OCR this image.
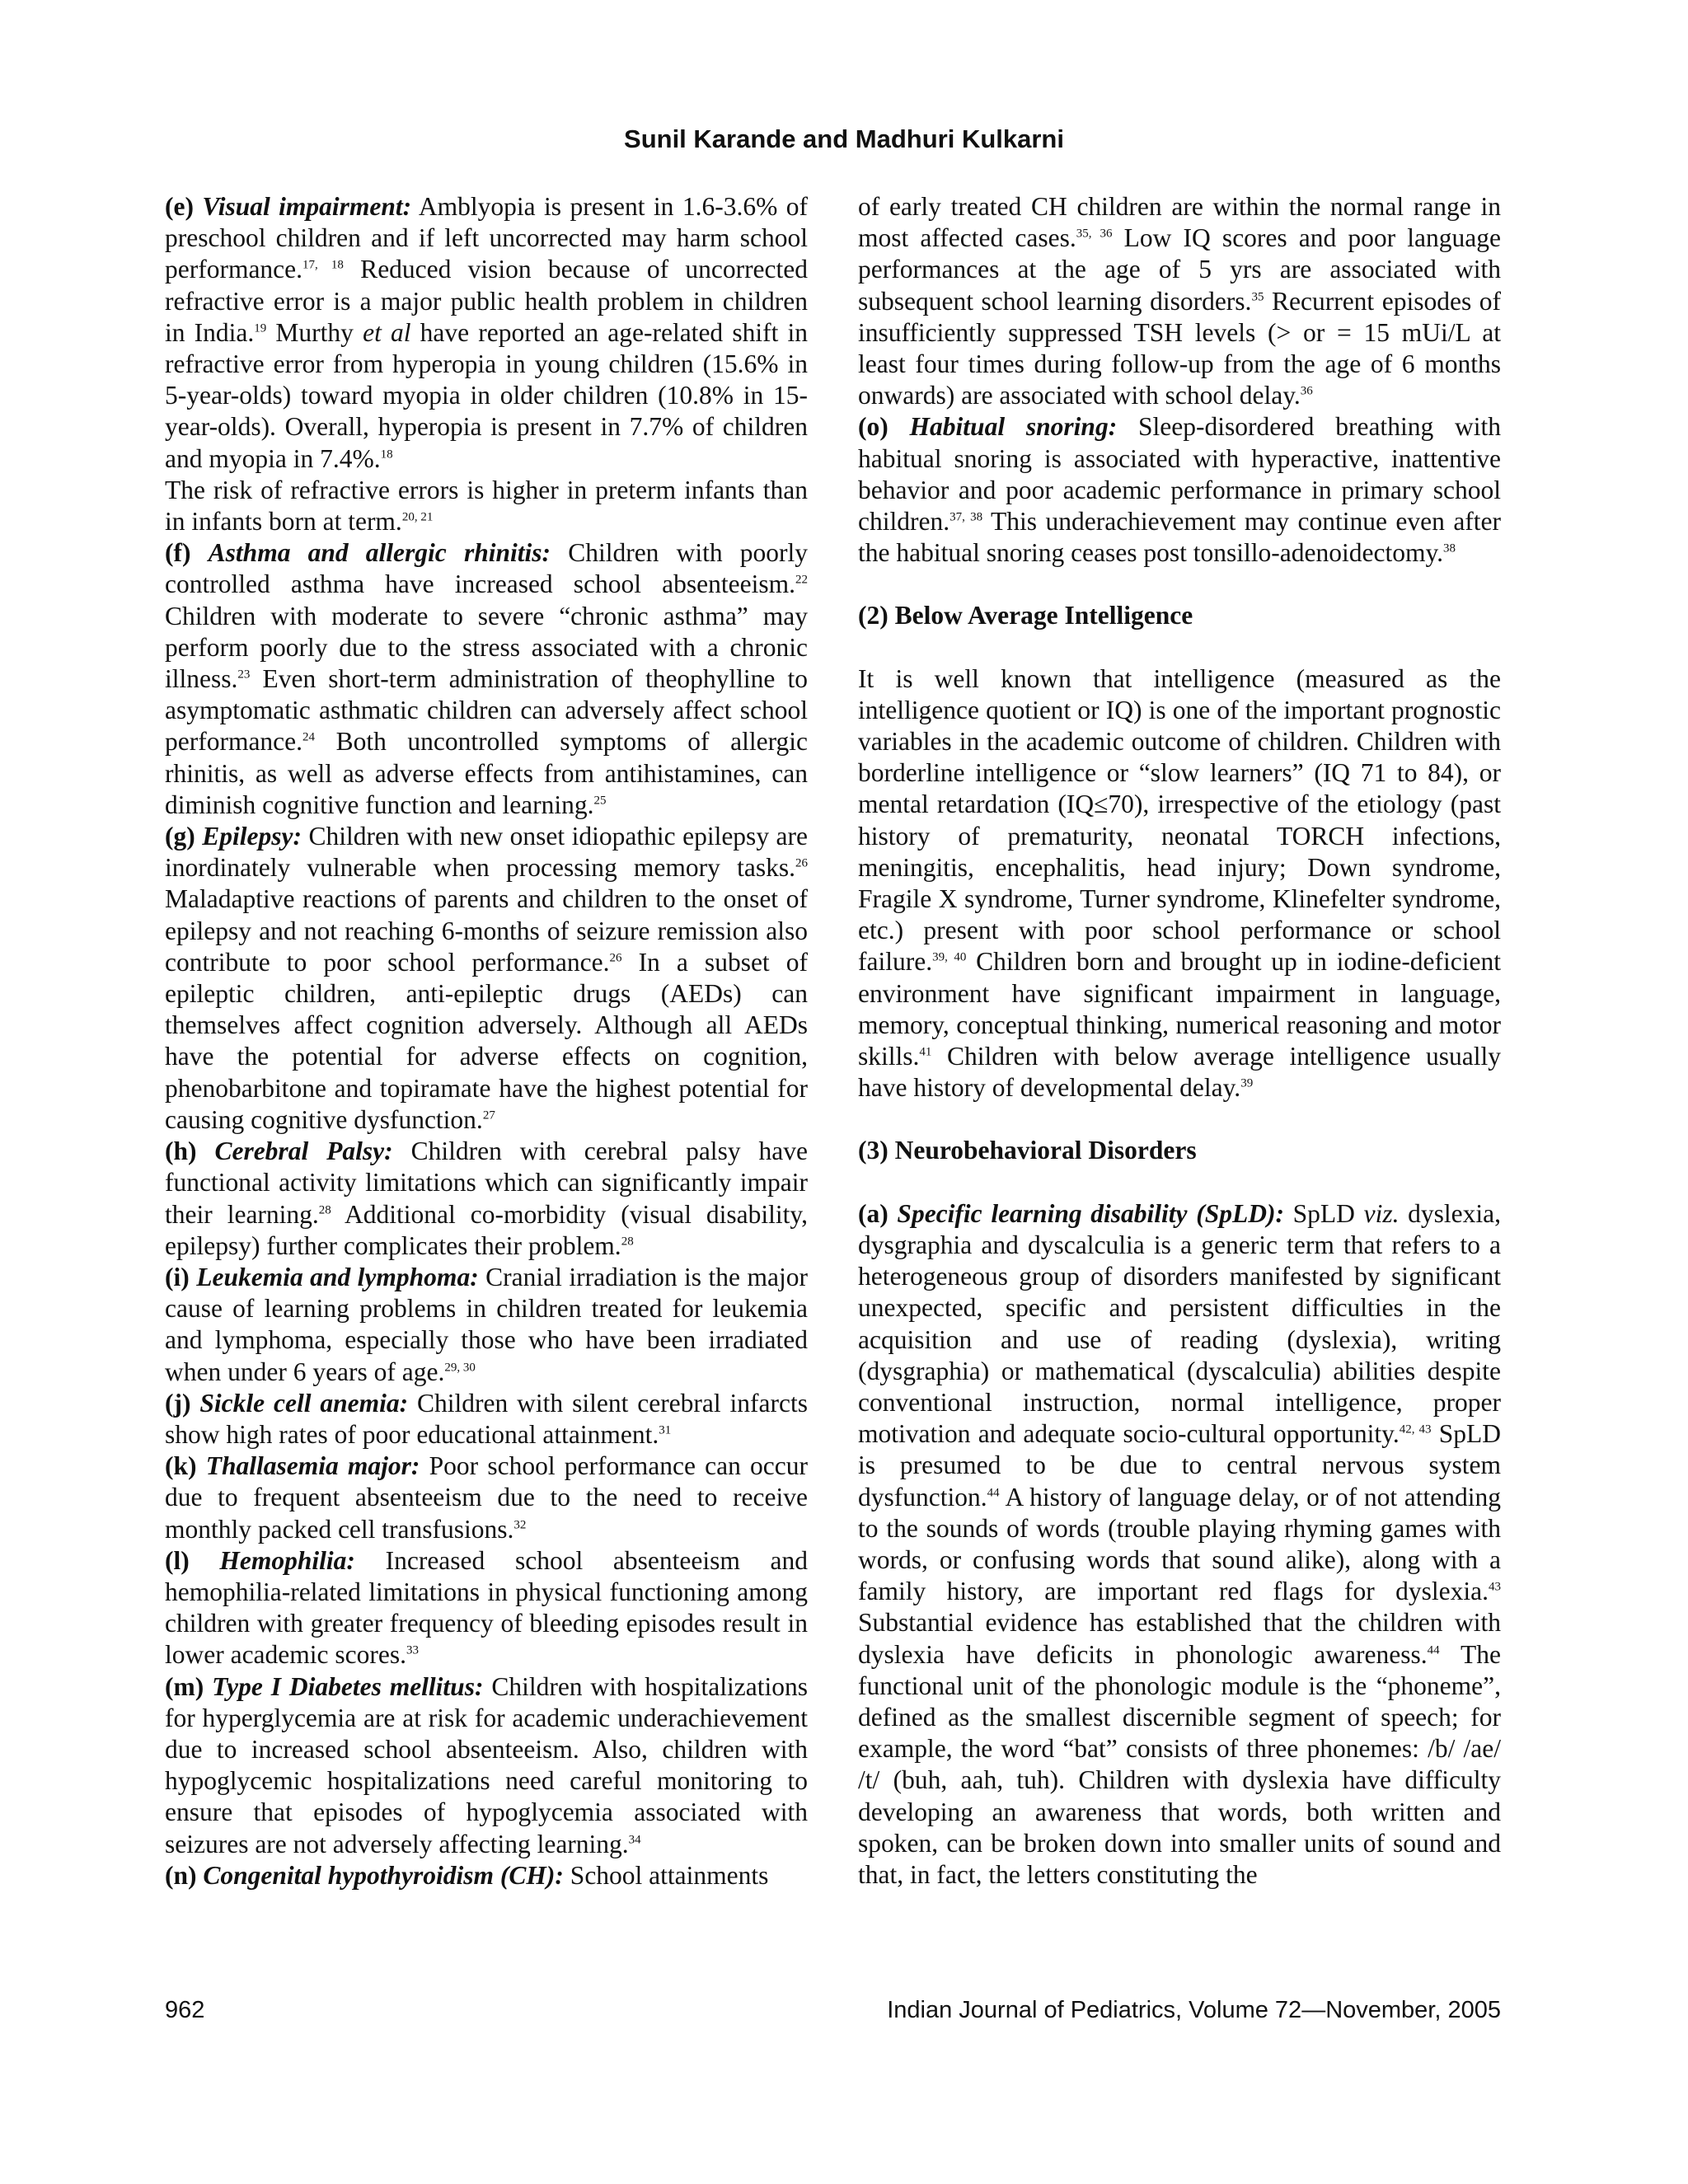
Sunil Karande and Madhuri Kulkarni

(e) Visual impairment: Amblyopia is present in 1.6-3.6% of preschool children and if left uncorrected may harm school performance.$^{17, 18}$ Reduced vision because of uncorrected refractive error is a major public health problem in children in India.$^{19}$ Murthy et al have reported an age-related shift in refractive error from hyperopia in young children (15.6% in 5-year-olds) toward myopia in older children (10.8% in 15-year-olds). Overall, hyperopia is present in 7.7% of children and myopia in 7.4%.$^{18}$

The risk of refractive errors is higher in preterm infants than in infants born at term.$^{20, 21}$

(f) Asthma and allergic rhinitis: Children with poorly controlled asthma have increased school absenteeism.$^{22}$ Children with moderate to severe “chronic asthma” may perform poorly due to the stress associated with a chronic illness.$^{23}$ Even short-term administration of theophylline to asymptomatic asthmatic children can adversely affect school performance.$^{24}$ Both uncontrolled symptoms of allergic rhinitis, as well as adverse effects from antihistamines, can diminish cognitive function and learning.$^{25}$

(g) Epilepsy: Children with new onset idiopathic epilepsy are inordinately vulnerable when processing memory tasks.$^{26}$ Maladaptive reactions of parents and children to the onset of epilepsy and not reaching 6-months of seizure remission also contribute to poor school performance.$^{26}$ In a subset of epileptic children, anti-epileptic drugs (AEDs) can themselves affect cognition adversely. Although all AEDs have the potential for adverse effects on cognition, phenobarbitone and topiramate have the highest potential for causing cognitive dysfunction.$^{27}$

(h) Cerebral Palsy: Children with cerebral palsy have functional activity limitations which can significantly impair their learning.$^{28}$ Additional co-morbidity (visual disability, epilepsy) further complicates their problem.$^{28}$

(i) Leukemia and lymphoma: Cranial irradiation is the major cause of learning problems in children treated for leukemia and lymphoma, especially those who have been irradiated when under 6 years of age.$^{29, 30}$

(j) Sickle cell anemia: Children with silent cerebral infarcts show high rates of poor educational attainment.$^{31}$

(k) Thallasemia major: Poor school performance can occur due to frequent absenteeism due to the need to receive monthly packed cell transfusions.$^{32}$

(l) Hemophilia: Increased school absenteeism and hemophilia-related limitations in physical functioning among children with greater frequency of bleeding episodes result in lower academic scores.$^{33}$

(m) Type I Diabetes mellitus: Children with hospitalizations for hyperglycemia are at risk for academic underachievement due to increased school absenteeism. Also, children with hypoglycemic hospitalizations need careful monitoring to ensure that episodes of hypoglycemia associated with seizures are not adversely affecting learning.$^{34}$

(n) Congenital hypothyroidism (CH): School attainments

of early treated CH children are within the normal range in most affected cases.$^{35, 36}$ Low IQ scores and poor language performances at the age of 5 yrs are associated with subsequent school learning disorders.$^{35}$ Recurrent episodes of insufficiently suppressed TSH levels (> or = 15 mUi/L at least four times during follow-up from the age of 6 months onwards) are associated with school delay.$^{36}$

(o) Habitual snoring: Sleep-disordered breathing with habitual snoring is associated with hyperactive, inattentive behavior and poor academic performance in primary school children.$^{37, 38}$ This underachievement may continue even after the habitual snoring ceases post tonsillo-adenoidectomy.$^{38}$

(2) Below Average Intelligence

It is well known that intelligence (measured as the intelligence quotient or IQ) is one of the important prognostic variables in the academic outcome of children. Children with borderline intelligence or “slow learners” (IQ 71 to 84), or mental retardation (IQ≤70), irrespective of the etiology (past history of prematurity, neonatal TORCH infections, meningitis, encephalitis, head injury; Down syndrome, Fragile X syndrome, Turner syndrome, Klinefelter syndrome, etc.) present with poor school performance or school failure.$^{39, 40}$ Children born and brought up in iodine-deficient environment have significant impairment in language, memory, conceptual thinking, numerical reasoning and motor skills.$^{41}$ Children with below average intelligence usually have history of developmental delay.$^{39}$

(3) Neurobehavioral Disorders

(a) Specific learning disability (SpLD): SpLD viz. dyslexia, dysgraphia and dyscalculia is a generic term that refers to a heterogeneous group of disorders manifested by significant unexpected, specific and persistent difficulties in the acquisition and use of reading (dyslexia), writing (dysgraphia) or mathematical (dyscalculia) abilities despite conventional instruction, normal intelligence, proper motivation and adequate socio-cultural opportunity.$^{42, 43}$ SpLD is presumed to be due to central nervous system dysfunction.$^{44}$ A history of language delay, or of not attending to the sounds of words (trouble playing rhyming games with words, or confusing words that sound alike), along with a family history, are important red flags for dyslexia.$^{43}$ Substantial evidence has established that the children with dyslexia have deficits in phonologic awareness.$^{44}$ The functional unit of the phonologic module is the “phoneme”, defined as the smallest discernible segment of speech; for example, the word “bat” consists of three phonemes: /b/ /ae/ /t/ (buh, aah, tuh). Children with dyslexia have difficulty developing an awareness that words, both written and spoken, can be broken down into smaller units of sound and that, in fact, the letters constituting the

962	Indian Journal of Pediatrics, Volume 72—November, 2005
